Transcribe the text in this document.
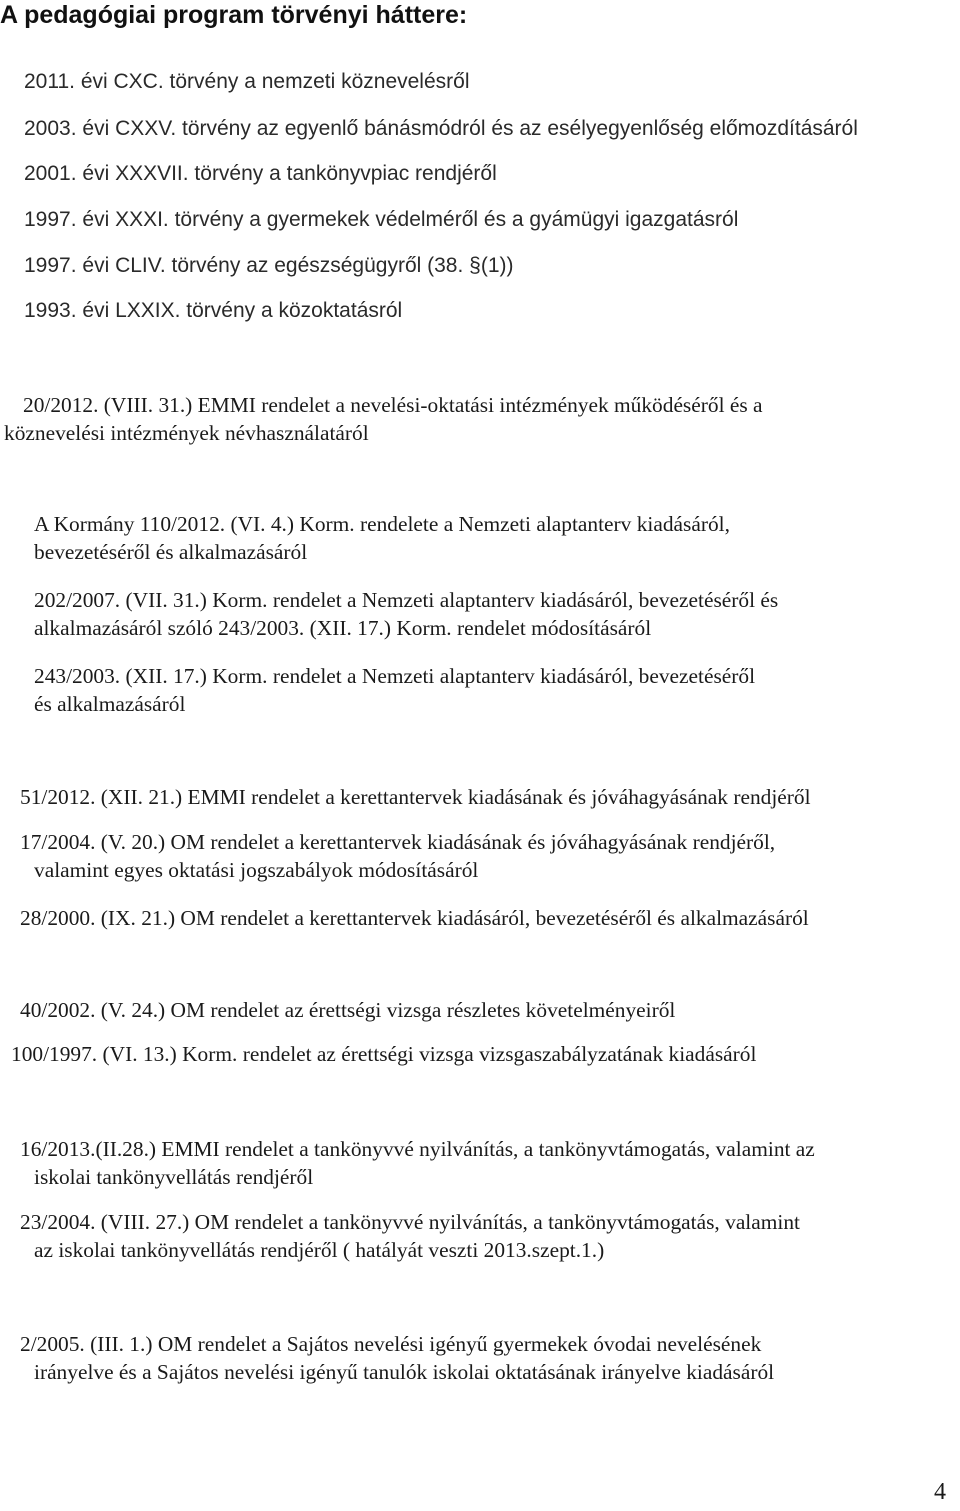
A pedagógiai program törvényi háttere:
2011. évi CXC. törvény a nemzeti köznevelésről
2003. évi CXXV. törvény az egyenlő bánásmódról és az esélyegyenlőség előmozdításáról
2001. évi XXXVII. törvény a tankönyvpiac rendjéről
1997. évi XXXI. törvény a gyermekek védelméről és a gyámügyi igazgatásról
1997. évi CLIV. törvény az egészségügyről (38. §(1))
1993. évi LXXIX. törvény a közoktatásról
20/2012. (VIII. 31.) EMMI rendelet a nevelési-oktatási intézmények működéséről és a
köznevelési intézmények névhasználatáról
A Kormány 110/2012. (VI. 4.) Korm. rendelete a Nemzeti alaptanterv kiadásáról,
bevezetéséről és alkalmazásáról
202/2007. (VII. 31.) Korm. rendelet a Nemzeti alaptanterv kiadásáról, bevezetéséről és
alkalmazásáról szóló 243/2003. (XII. 17.) Korm. rendelet módosításáról
243/2003. (XII. 17.) Korm. rendelet a Nemzeti alaptanterv kiadásáról, bevezetéséről
és alkalmazásáról
51/2012. (XII. 21.) EMMI rendelet a kerettantervek kiadásának és jóváhagyásának rendjéről
17/2004. (V. 20.) OM rendelet a kerettantervek kiadásának és jóváhagyásának rendjéről,
valamint egyes oktatási jogszabályok módosításáról
28/2000. (IX. 21.) OM rendelet a kerettantervek kiadásáról, bevezetéséről és alkalmazásáról
40/2002. (V. 24.) OM rendelet az érettségi vizsga részletes követelményeiről
100/1997. (VI. 13.) Korm. rendelet az érettségi vizsga vizsgaszabályzatának kiadásáról
16/2013.(II.28.) EMMI rendelet a tankönyvvé nyilvánítás, a tankönyvtámogatás, valamint az
iskolai tankönyvellátás rendjéről
23/2004. (VIII. 27.) OM rendelet a tankönyvvé nyilvánítás, a tankönyvtámogatás, valamint
az iskolai tankönyvellátás rendjéről ( hatályát veszti 2013.szept.1.)
2/2005. (III. 1.) OM rendelet a Sajátos nevelési igényű gyermekek óvodai nevelésének
irányelve és a Sajátos nevelési igényű tanulók iskolai oktatásának irányelve kiadásáról
4
